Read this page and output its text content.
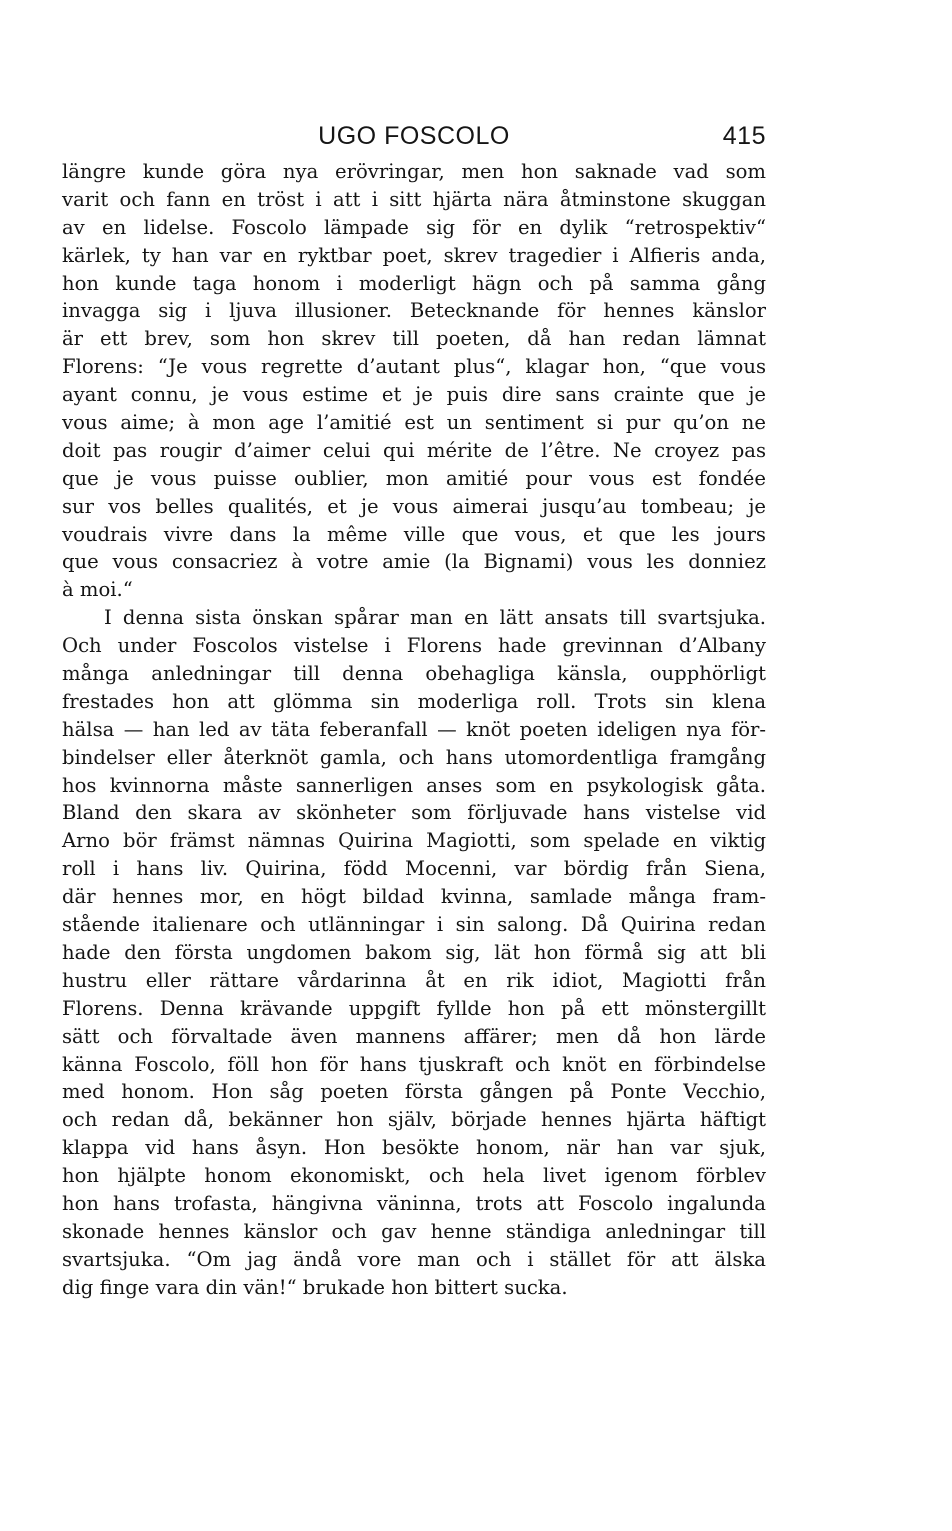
UGO FOSCOLO	415
längre kunde göra nya erövringar, men hon saknade vad som
varit och fann en tröst i att i sitt hjärta nära åtminstone skuggan
av en lidelse. Foscolo lämpade sig för en dylik “retrospektiv“
kärlek, ty han var en ryktbar poet, skrev tragedier i Alfieris anda,
hon kunde taga honom i moderligt hägn och på samma gång
invagga sig i ljuva illusioner. Betecknande för hennes känslor
är ett brev, som hon skrev till poeten, då han redan lämnat
Florens: “Je vous regrette d’autant plus“, klagar hon, “que vous
ayant connu, je vous estime et je puis dire sans crainte que je
vous aime; à mon age l’amitié est un sentiment si pur qu’on ne
doit pas rougir d’aimer celui qui mérite de l’être. Ne croyez pas
que je vous puisse oublier, mon amitié pour vous est fondée
sur vos belles qualités, et je vous aimerai jusqu’au tombeau; je
voudrais vivre dans la même ville que vous, et que les jours
que vous consacriez à votre amie (la Bignami) vous les donniez
à moi.“
I denna sista önskan spårar man en lätt ansats till svartsjuka.
Och under Foscolos vistelse i Florens hade grevinnan d’Albany
många anledningar till denna obehagliga känsla, oupphörligt
frestades hon att glömma sin moderliga roll. Trots sin klena
hälsa — han led av täta feberanfall — knöt poeten ideligen nya för-
bindelser eller återknöt gamla, och hans utomordentliga framgång
hos kvinnorna måste sannerligen anses som en psykologisk gåta.
Bland den skara av skönheter som förljuvade hans vistelse vid
Arno bör främst nämnas Quirina Magiotti, som spelade en viktig
roll i hans liv. Quirina, född Mocenni, var bördig från Siena,
där hennes mor, en högt bildad kvinna, samlade många fram-
stående italienare och utlänningar i sin salong. Då Quirina redan
hade den första ungdomen bakom sig, lät hon förmå sig att bli
hustru eller rättare vårdarinna åt en rik idiot, Magiotti från
Florens. Denna krävande uppgift fyllde hon på ett mönstergillt
sätt och förvaltade även mannens affärer; men då hon lärde
känna Foscolo, föll hon för hans tjuskraft och knöt en förbindelse
med honom. Hon såg poeten första gången på Ponte Vecchio,
och redan då, bekänner hon själv, började hennes hjärta häftigt
klappa vid hans åsyn. Hon besökte honom, när han var sjuk,
hon hjälpte honom ekonomiskt, och hela livet igenom förblev
hon hans trofasta, hängivna väninna, trots att Foscolo ingalunda
skonade hennes känslor och gav henne ständiga anledningar till
svartsjuka. “Om jag ändå vore man och i stället för att älska
dig finge vara din vän!“ brukade hon bittert sucka.
